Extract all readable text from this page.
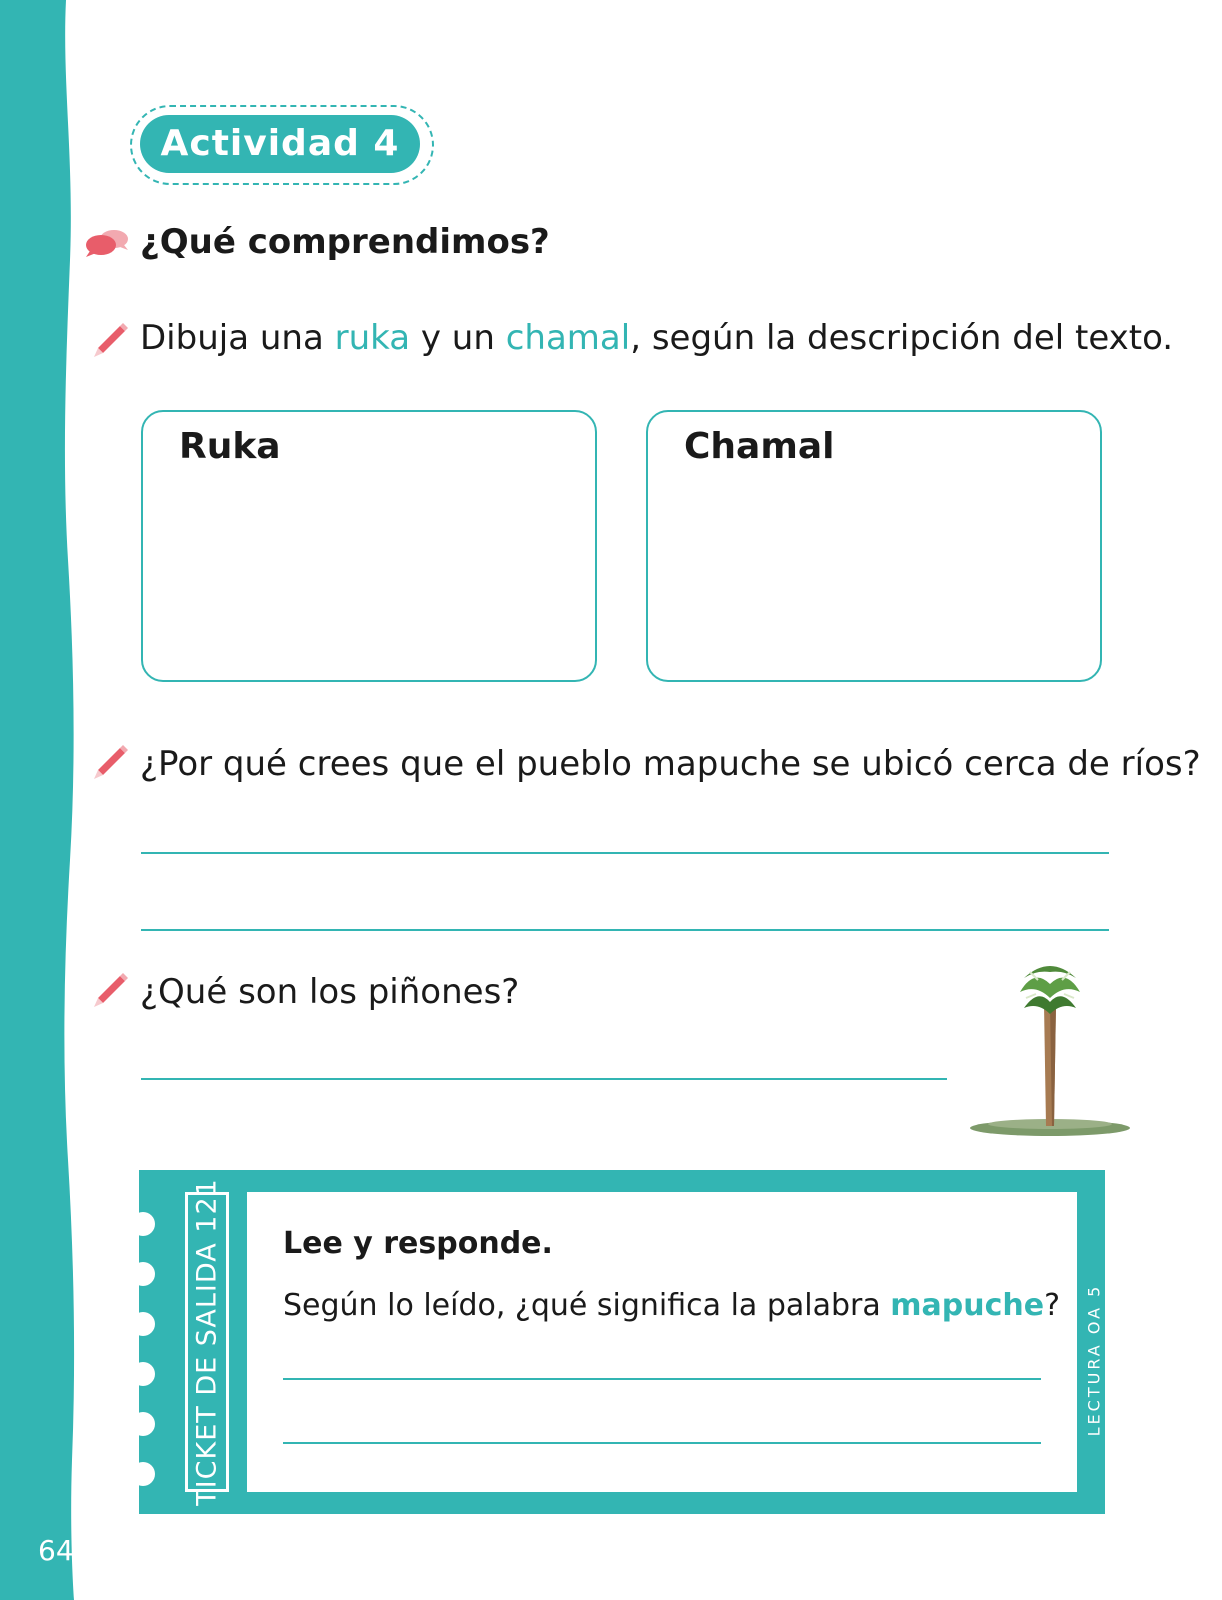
64
Actividad 4
¿Qué comprendimos?
Dibuja una ruka y un chamal, según la descripción del texto.
Ruka	Chamal
¿Por qué crees que el pueblo mapuche se ubicó cerca de ríos?
¿Qué son los piñones?
TICKET DE SALIDA 121 Lee y responde.
Según lo leído, ¿qué significa la palabra mapuche? LECTURA OA 5
